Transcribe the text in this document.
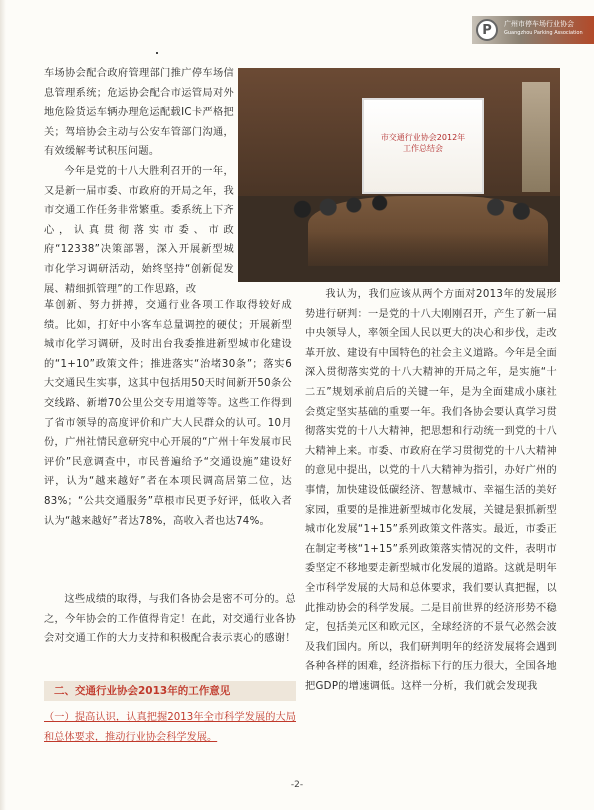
P	广州市停车场行业协会
Guangzhou Parking Association

车场协会配合政府管理部门推广停车场信息管理系统；危运协会配合市运管局对外地危险货运车辆办理危运配载IC卡严格把关；驾培协会主动与公安车管部门沟通，有效缓解考试积压问题。

今年是党的十八大胜利召开的一年，又是新一届市委、市政府的开局之年，我市交通工作任务非常繁重。委系统上下齐心，认真贯彻落实市委、市政府“12338”决策部署，深入开展新型城市化学习调研活动，始终坚持“创新促发展、精细抓管理”的工作思路，改

市交通行业协会2012年
工作总结会

革创新、努力拼搏，交通行业各项工作取得较好成绩。比如，打好中小客车总量调控的硬仗；开展新型城市化学习调研，及时出台我委推进新型城市化建设的“1+10”政策文件；推进落实“治堵30条”；落实6大交通民生实事，这其中包括用50天时间新开50条公交线路、新增70公里公交专用道等等。这些工作得到了省市领导的高度评价和广大人民群众的认可。10月份，广州社情民意研究中心开展的“广州十年发展市民评价”民意调查中，市民普遍给予“交通设施”建设好评，认为“越来越好”者在本项民调高居第二位，达83%；“公共交通服务”草根市民更予好评，低收入者认为“越来越好”者达78%，高收入者也达74%。

这些成绩的取得，与我们各协会是密不可分的。总之，今年协会的工作值得肯定！在此，对交通行业各协会对交通工作的大力支持和积极配合表示衷心的感谢！

二、交通行业协会2013年的工作意见
（一）提高认识，认真把握2013年全市科学发展的大局和总体要求，推动行业协会科学发展。

我认为，我们应该从两个方面对2013年的发展形势进行研判：一是党的十八大刚刚召开，产生了新一届中央领导人，率领全国人民以更大的决心和步伐，走改革开放、建设有中国特色的社会主义道路。今年是全面深入贯彻落实党的十八大精神的开局之年，是实施“十二五”规划承前启后的关键一年，是为全面建成小康社会奠定坚实基础的重要一年。我们各协会要认真学习贯彻落实党的十八大精神，把思想和行动统一到党的十八大精神上来。市委、市政府在学习贯彻党的十八大精神的意见中提出，以党的十八大精神为指引，办好广州的事情，加快建设低碳经济、智慧城市、幸福生活的美好家园，重要的是推进新型城市化发展，关键是狠抓新型城市化发展“1+15”系列政策文件落实。最近，市委正在制定考核“1+15”系列政策落实情况的文件，表明市委坚定不移地要走新型城市化发展的道路。这就是明年全市科学发展的大局和总体要求，我们要认真把握，以此推动协会的科学发展。二是目前世界的经济形势不稳定，包括美元区和欧元区，全球经济的不景气必然会波及我们国内。所以，我们研判明年的经济发展将会遇到各种各样的困难，经济指标下行的压力很大，全国各地把GDP的增速调低。这样一分析，我们就会发现我

-2-
